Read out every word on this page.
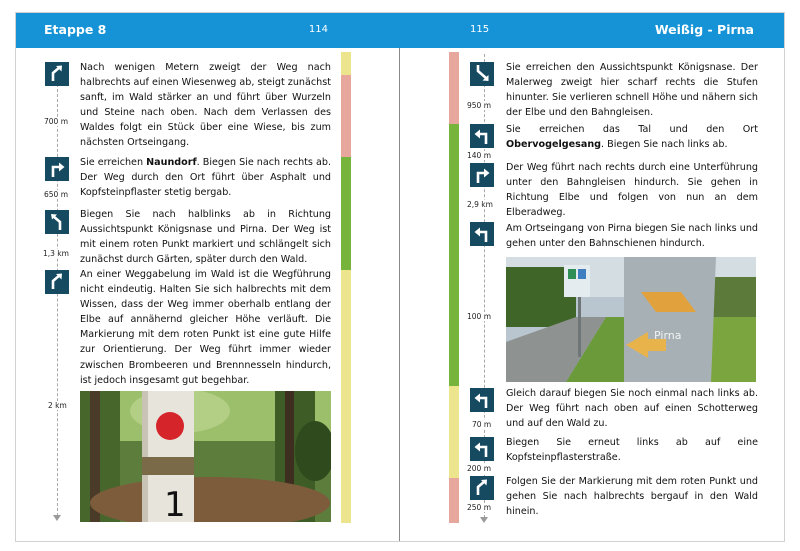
Etappe 8	114	115	Weißig - Pirna
700 m
650 m
1,3 km
2 km
Nach wenigen Metern zweigt der Weg nach halbrechts auf einen Wiesenweg ab, steigt zunächst sanft, im Wald stärker an und führt über Wurzeln und Steine nach oben. Nach dem Verlassen des Waldes folgt ein Stück über eine Wiese, bis zum nächsten Ortseingang.
Sie erreichen Naundorf. Biegen Sie nach rechts ab. Der Weg durch den Ort führt über Asphalt und Kopfsteinpflaster stetig bergab.
Biegen Sie nach halblinks ab in Richtung Aussichtspunkt Königsnase und Pirna. Der Weg ist mit einem roten Punkt markiert und schlängelt sich zunächst durch Gärten, später durch den Wald.
An einer Weggabelung im Wald ist die Wegführung nicht eindeutig. Halten Sie sich halbrechts mit dem Wissen, dass der Weg immer oberhalb entlang der Elbe auf annähernd gleicher Höhe verläuft. Die Markierung mit dem roten Punkt ist eine gute Hilfe zur Orientierung. Der Weg führt immer wieder zwischen Brombeeren und Brennnesseln hindurch, ist jedoch insgesamt gut begehbar.
1
950 m
140 m
2,9 km
100 m
70 m
200 m
250 m
Sie erreichen den Aussichtspunkt Königsnase. Der Malerweg zweigt hier scharf rechts die Stufen hinunter. Sie verlieren schnell Höhe und nähern sich der Elbe und den Bahngleisen.
Sie erreichen das Tal und den Ort Obervogelgesang. Biegen Sie nach links ab.
Der Weg führt nach rechts durch eine Unterführung unter den Bahngleisen hindurch. Sie gehen in Richtung Elbe und folgen von nun an dem Elberadweg.
Am Ortseingang von Pirna biegen Sie nach links und gehen unter den Bahnschienen hindurch.
Pirna
Gleich darauf biegen Sie noch einmal nach links ab. Der Weg führt nach oben auf einen Schotterweg und auf den Wald zu.
Biegen Sie erneut links ab auf eine Kopfsteinpflasterstraße.
Folgen Sie der Markierung mit dem roten Punkt und gehen Sie nach halbrechts bergauf in den Wald hinein.
